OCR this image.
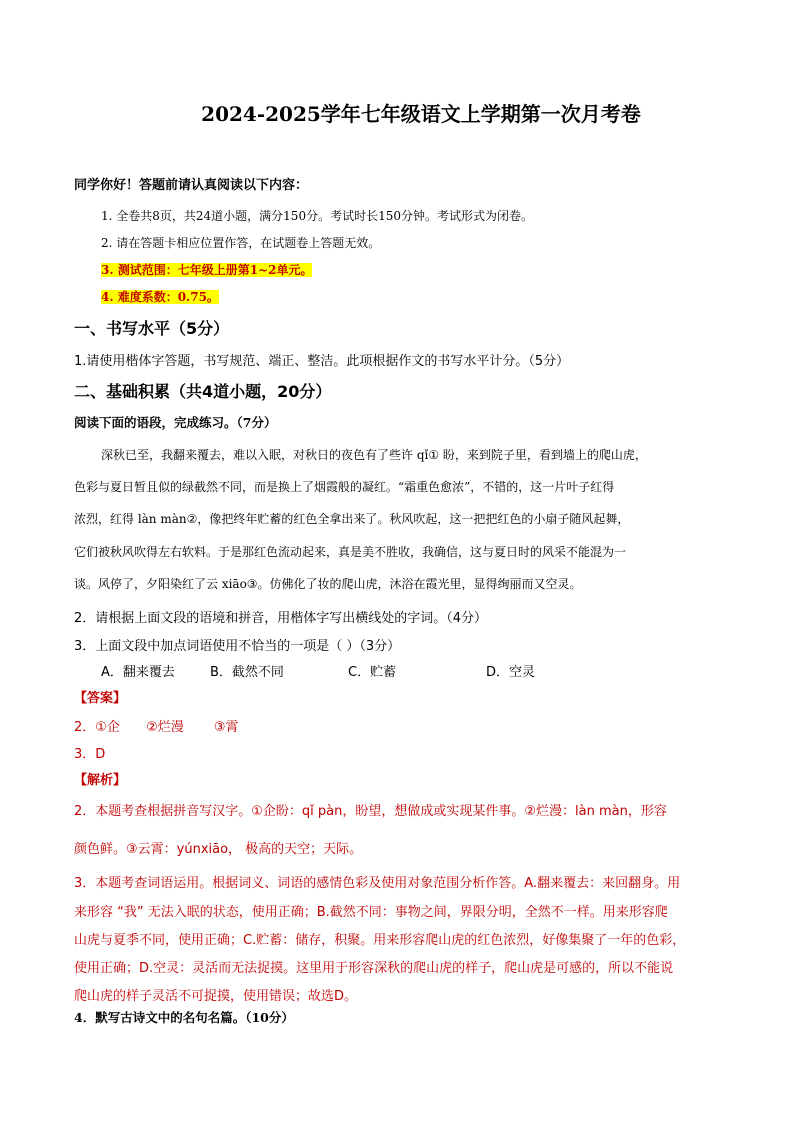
2024-2025学年七年级语文上学期第一次月考卷
同学你好！答题前请认真阅读以下内容：
1. 全卷共8页，共24道小题，满分150分。考试时长150分钟。考试形式为闭卷。
2. 请在答题卡相应位置作答，在试题卷上答题无效。
3. 测试范围：七年级上册第1~2单元。
4. 难度系数：0.75。
一、书写水平（5分）
1.请使用楷体字答题，书写规范、端正、整洁。此项根据作文的书写水平计分。（5分）
二、基础积累（共4道小题，20分）
阅读下面的语段，完成练习。（7分）
深秋已至，我翻来覆去，难以入眠，对秋日的夜色有了些许 qǐ① 盼，来到院子里，看到墙上的爬山虎，
色彩与夏日暂且似的绿截然不同，而是换上了烟霞般的凝红。“霜重色愈浓”，不错的，这一片叶子红得
浓烈，红得 làn màn②，像把终年贮蓄的红色全拿出来了。秋风吹起，这一把把红色的小扇子随风起舞，
它们被秋风吹得左右软料。于是那红色流动起来，真是美不胜收，我确信，这与夏日时的风采不能混为一
谈。风停了，夕阳染红了云 xiāo③。仿佛化了妆的爬山虎，沐浴在霞光里，显得绚丽而又空灵。
2．请根据上面文段的语境和拼音，用楷体字写出横线处的字词。（4分）
3．上面文段中加点词语使用不恰当的一项是（ ）（3分）
A．翻来覆去	B．截然不同	C．贮蓄	D．空灵
【答案】
2．①企 ②烂漫 ③霄
3．D
【解析】
2．本题考查根据拼音写汉字。①企盼：qǐ pàn，盼望，想做成或实现某件事。②烂漫：làn màn，形容
颜色鲜。③云霄：yúnxiāo， 极高的天空；天际。
3．本题考查词语运用。根据词义、词语的感情色彩及使用对象范围分析作答。A.翻来覆去：来回翻身。用
来形容 “我” 无法入眠的状态，使用正确；B.截然不同：事物之间，界限分明，全然不一样。用来形容爬
山虎与夏季不同，使用正确；C.贮蓄：储存，积聚。用来形容爬山虎的红色浓烈，好像集聚了一年的色彩，
使用正确；D.空灵：灵活而无法捉摸。这里用于形容深秋的爬山虎的样子，爬山虎是可感的，所以不能说
爬山虎的样子灵活不可捉摸，使用错误；故选D。
4．默写古诗文中的名句名篇。（10分）
